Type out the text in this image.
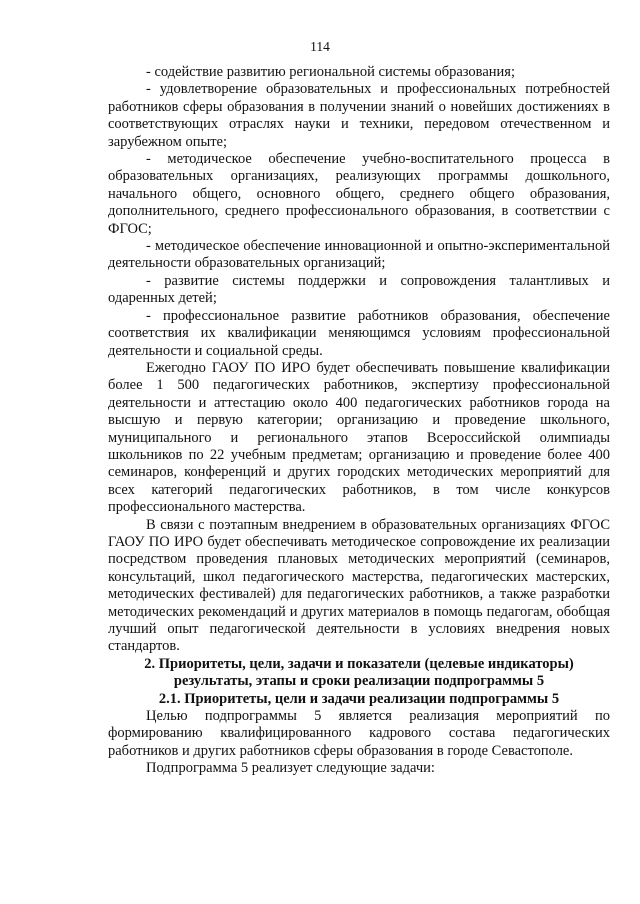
114

- содействие развитию региональной системы образования;

- удовлетворение образовательных и профессиональных потребностей работников сферы образования в получении знаний о новейших достижениях в соответствующих отраслях науки и техники, передовом отечественном и зарубежном опыте;

- методическое обеспечение учебно-воспитательного процесса в образовательных организациях, реализующих программы дошкольного, начального общего, основного общего, среднего общего образования, дополнительного, среднего профессионального образования, в соответствии с ФГОС;

- методическое обеспечение инновационной и опытно-экспериментальной деятельности образовательных организаций;

- развитие системы поддержки и сопровождения талантливых и одаренных детей;

- профессиональное развитие работников образования, обеспечение соответствия их квалификации меняющимся условиям профессиональной деятельности и социальной среды.

Ежегодно ГАОУ ПО ИРО будет обеспечивать повышение квалификации более 1 500 педагогических работников, экспертизу профессиональной деятельности и аттестацию около 400 педагогических работников города на высшую и первую категории; организацию и проведение школьного, муниципального и регионального этапов Всероссийской олимпиады школьников по 22 учебным предметам; организацию и проведение более 400 семинаров, конференций и других городских методических мероприятий для всех категорий педагогических работников, в том числе конкурсов профессионального мастерства.

В связи с поэтапным внедрением в образовательных организациях ФГОС ГАОУ ПО ИРО будет обеспечивать методическое сопровождение их реализации посредством проведения плановых методических мероприятий (семинаров, консультаций, школ педагогического мастерства, педагогических мастерских, методических фестивалей) для педагогических работников, а также разработки методических рекомендаций и других материалов в помощь педагогам, обобщая лучший опыт педагогической деятельности в условиях внедрения новых стандартов.

2. Приоритеты, цели, задачи и показатели (целевые индикаторы) результаты, этапы и сроки реализации подпрограммы 5

2.1. Приоритеты, цели и задачи реализации подпрограммы 5

Целью подпрограммы 5 является реализация мероприятий по формированию квалифицированного кадрового состава педагогических работников и других работников сферы образования в городе Севастополе.

Подпрограмма 5 реализует следующие задачи:
